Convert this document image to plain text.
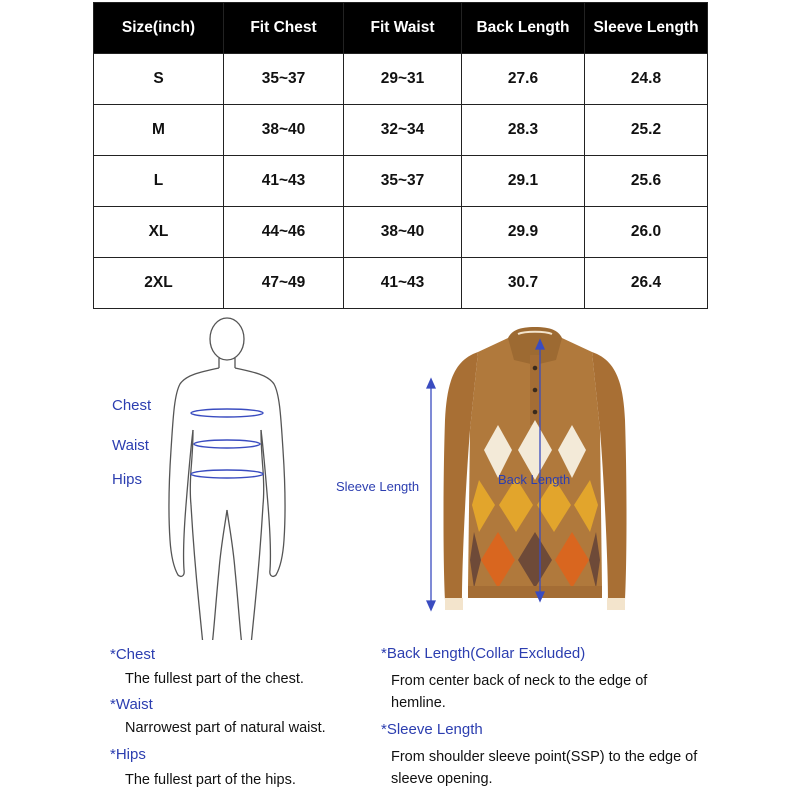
Size(inch)	Fit Chest	Fit Waist	Back Length	Sleeve Length
S	35~37	29~31	27.6	24.8
M	38~40	32~34	28.3	25.2
L	41~43	35~37	29.1	25.6
XL	44~46	38~40	29.9	26.0
2XL	47~49	41~43	30.7	26.4
Chest
Waist
Hips	Sleeve Length	Back Length
*Chest
The fullest part of the chest.
*Waist
Narrowest part of natural waist.
*Hips
The fullest part of the hips.
*Back Length(Collar Excluded)
From center back of neck to the edge of hemline.
*Sleeve Length
From shoulder sleeve point(SSP) to the edge of sleeve opening.
